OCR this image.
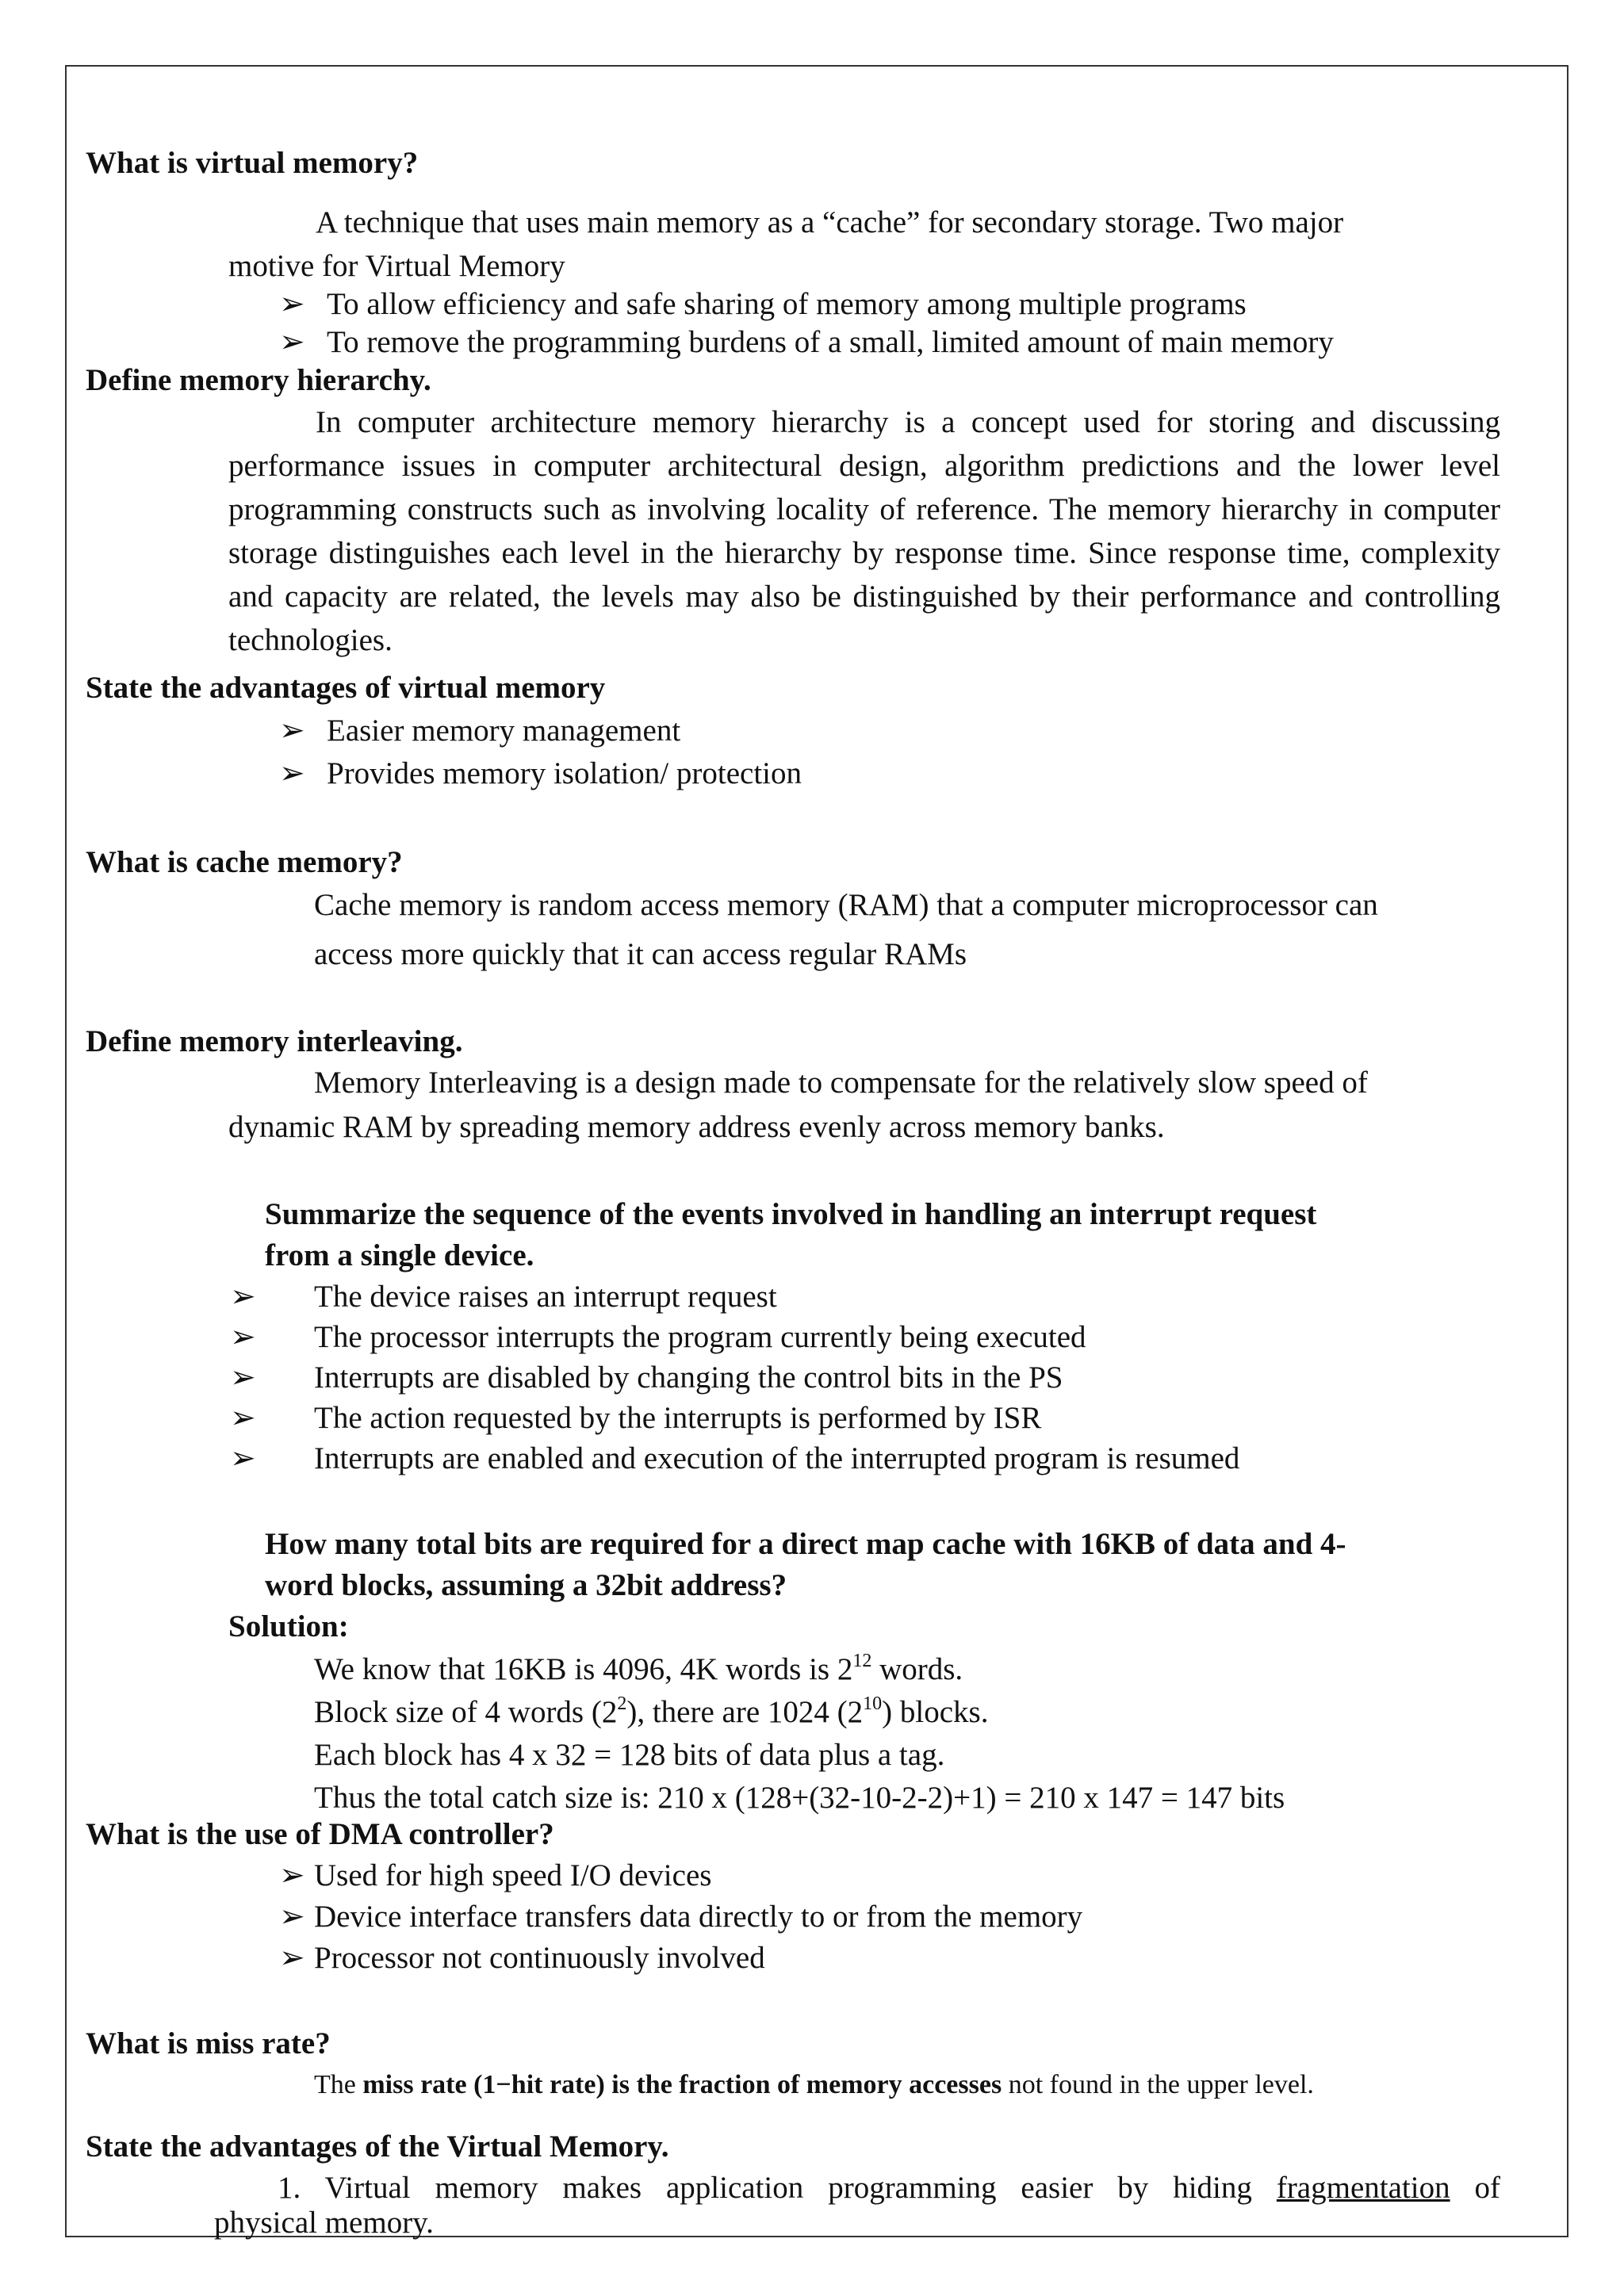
What is virtual memory?
A technique that uses main memory as a “cache” for secondary storage. Two major
motive for Virtual Memory
➢ To allow efficiency and safe sharing of memory among multiple programs
➢ To remove the programming burdens of a small, limited amount of main memory
Define memory hierarchy.
In computer architecture memory hierarchy is a concept used for storing and discussing performance issues in computer architectural design, algorithm predictions and the lower level programming constructs such as involving locality of reference. The memory hierarchy in computer storage distinguishes each level in the hierarchy by response time. Since response time, complexity and capacity are related, the levels may also be distinguished by their performance and controlling technologies.
State the advantages of virtual memory
➢ Easier memory management
➢ Provides memory isolation/ protection
What is cache memory?
Cache memory is random access memory (RAM) that a computer microprocessor can
access more quickly that it can access regular RAMs
Define memory interleaving.
Memory Interleaving is a design made to compensate for the relatively slow speed of
dynamic RAM by spreading memory address evenly across memory banks.
Summarize the sequence of the events involved in handling an interrupt request
from a single device.
➢ The device raises an interrupt request
➢ The processor interrupts the program currently being executed
➢ Interrupts are disabled by changing the control bits in the PS
➢ The action requested by the interrupts is performed by ISR
➢ Interrupts are enabled and execution of the interrupted program is resumed
How many total bits are required for a direct map cache with 16KB of data and 4-
word blocks, assuming a 32bit address?
Solution:
We know that 16KB is 4096, 4K words is $2^{12}$ words.
Block size of 4 words $(2^2)$, there are 1024 $(2^{10})$ blocks.
Each block has 4 x 32 = 128 bits of data plus a tag.
Thus the total catch size is: 210 x (128+(32-10-2-2)+1) = 210 x 147 = 147 bits
What is the use of DMA controller?
➢ Used for high speed I/O devices
➢ Device interface transfers data directly to or from the memory
➢ Processor not continuously involved
What is miss rate?
The miss rate (1−hit rate) is the fraction of memory accesses not found in the upper level.
State the advantages of the Virtual Memory.
1. Virtual memory makes application programming easier by hiding fragmentation of
physical memory.
